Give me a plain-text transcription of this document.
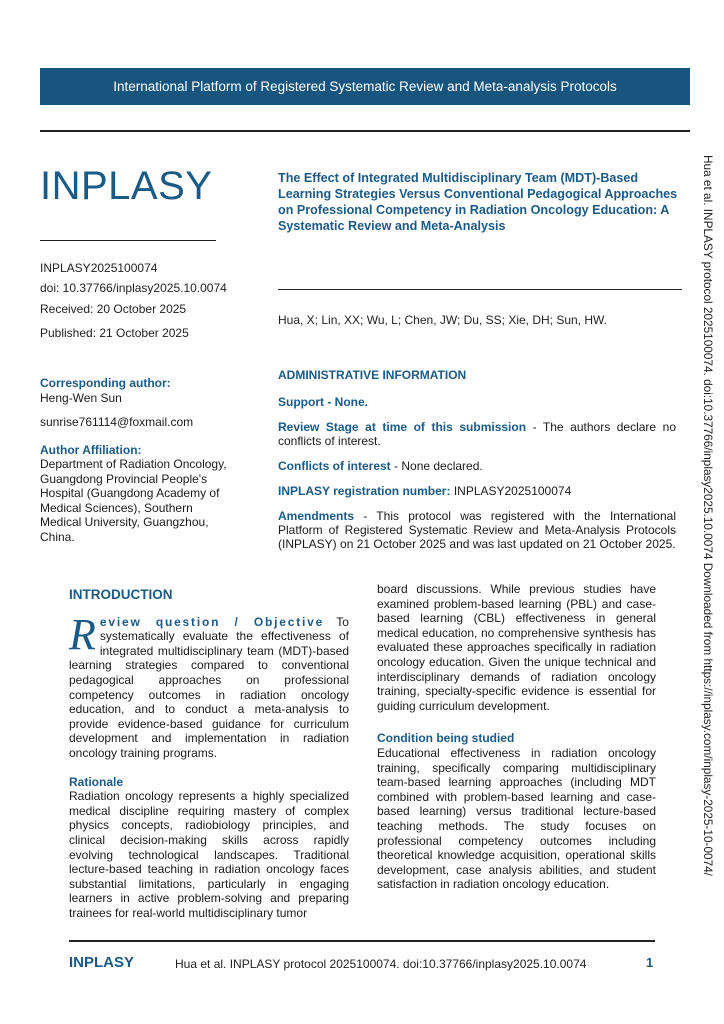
International Platform of Registered Systematic Review and Meta-analysis Protocols
INPLASY
INPLASY2025100074
doi: 10.37766/inplasy2025.10.0074
Received: 20 October 2025
Published: 21 October 2025
The Effect of Integrated Multidisciplinary Team (MDT)-Based Learning Strategies Versus Conventional Pedagogical Approaches on Professional Competency in Radiation Oncology Education: A Systematic Review and Meta-Analysis
Hua, X; Lin, XX; Wu, L; Chen, JW; Du, SS; Xie, DH; Sun, HW.
Corresponding author:
Heng-Wen Sun
sunrise761114@foxmail.com
Author Affiliation:
Department of Radiation Oncology, Guangdong Provincial People's Hospital (Guangdong Academy of Medical Sciences), Southern Medical University, Guangzhou, China.

ADMINISTRATIVE INFORMATION

Support - None.

Review Stage at time of this submission - The authors declare no conflicts of interest.

Conflicts of interest - None declared.

INPLASY registration number: INPLASY2025100074

Amendments - This protocol was registered with the International Platform of Registered Systematic Review and Meta-Analysis Protocols (INPLASY) on 21 October 2025 and was last updated on 21 October 2025.

INTRODUCTION

Review question / Objective To systematically evaluate the effectiveness of integrated multidisciplinary team (MDT)-based learning strategies compared to conventional pedagogical approaches on professional competency outcomes in radiation oncology education, and to conduct a meta-analysis to provide evidence-based guidance for curriculum development and implementation in radiation oncology training programs.

Rationale

Radiation oncology represents a highly specialized medical discipline requiring mastery of complex physics concepts, radiobiology principles, and clinical decision-making skills across rapidly evolving technological landscapes. Traditional lecture-based teaching in radiation oncology faces substantial limitations, particularly in engaging learners in active problem-solving and preparing trainees for real-world multidisciplinary tumor

board discussions. While previous studies have examined problem-based learning (PBL) and case-based learning (CBL) effectiveness in general medical education, no comprehensive synthesis has evaluated these approaches specifically in radiation oncology education. Given the unique technical and interdisciplinary demands of radiation oncology training, specialty-specific evidence is essential for guiding curriculum development.

Condition being studied

Educational effectiveness in radiation oncology training, specifically comparing multidisciplinary team-based learning approaches (including MDT combined with problem-based learning and case-based learning) versus traditional lecture-based teaching methods. The study focuses on professional competency outcomes including theoretical knowledge acquisition, operational skills development, case analysis abilities, and student satisfaction in radiation oncology education.

Hua et al. INPLASY protocol 2025100074. doi:10.37766/inplasy2025.10.0074 Downloaded from https://inplasy.com/inplasy-2025-10-0074/
INPLASY	Hua et al. INPLASY protocol 2025100074. doi:10.37766/inplasy2025.10.0074	1
